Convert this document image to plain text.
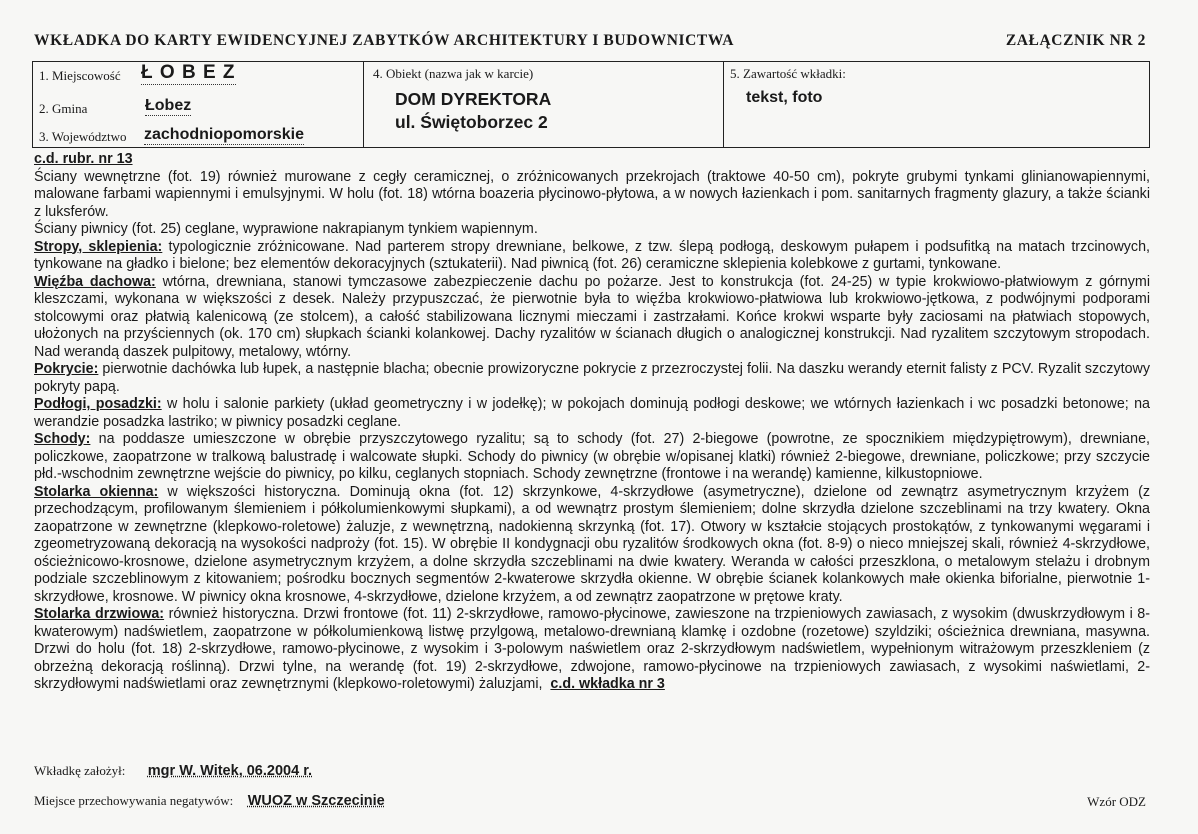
WKŁADKA DO KARTY EWIDENCYJNEJ ZABYTKÓW ARCHITEKTURY I BUDOWNICTWA	ZAŁĄCZNIK NR 2
1. Miejscowość Ł O B E Z
2. Gmina	Łobez
3. Województwo zachodniopomorskie
4. Obiekt (nazwa jak w karcie)
DOM DYREKTORA
ul. Świętoborzec 2
5. Zawartość wkładki:
tekst, foto

c.d. rubr. nr 13

Ściany wewnętrzne (fot. 19) również murowane z cegły ceramicznej, o zróżnicowanych przekrojach (traktowe 40-50 cm), pokryte grubymi tynkami glinianowapiennymi, malowane farbami wapiennymi i emulsyjnymi. W holu (fot. 18) wtórna boazeria płycinowo-płytowa, a w nowych łazienkach i pom. sanitarnych fragmenty glazury, a także ścianki z luksferów.

Ściany piwnicy (fot. 25) ceglane, wyprawione nakrapianym tynkiem wapiennym.

Stropy, sklepienia: typologicznie zróżnicowane. Nad parterem stropy drewniane, belkowe, z tzw. ślepą podłogą, deskowym pułapem i podsufitką na matach trzcinowych, tynkowane na gładko i bielone; bez elementów dekoracyjnych (sztukaterii). Nad piwnicą (fot. 26) ceramiczne sklepienia kolebkowe z gurtami, tynkowane.

Więźba dachowa: wtórna, drewniana, stanowi tymczasowe zabezpieczenie dachu po pożarze. Jest to konstrukcja (fot. 24-25) w typie krokwiowo-płatwiowym z górnymi kleszczami, wykonana w większości z desek. Należy przypuszczać, że pierwotnie była to więźba krokwiowo-płatwiowa lub krokwiowo-jętkowa, z podwójnymi podporami stolcowymi oraz płatwią kalenicową (ze stolcem), a całość stabilizowana licznymi mieczami i zastrzałami. Końce krokwi wsparte były zaciosami na płatwiach stopowych, ułożonych na przyściennych (ok. 170 cm) słupkach ścianki kolankowej. Dachy ryzalitów w ścianach długich o analogicznej konstrukcji. Nad ryzalitem szczytowym stropodach. Nad werandą daszek pulpitowy, metalowy, wtórny.

Pokrycie: pierwotnie dachówka lub łupek, a następnie blacha; obecnie prowizoryczne pokrycie z przezroczystej folii. Na daszku werandy eternit falisty z PCV. Ryzalit szczytowy pokryty papą.

Podłogi, posadzki: w holu i salonie parkiety (układ geometryczny i w jodełkę); w pokojach dominują podłogi deskowe; we wtórnych łazienkach i wc posadzki betonowe; na werandzie posadzka lastriko; w piwnicy posadzki ceglane.

Schody: na poddasze umieszczone w obrębie przyszczytowego ryzalitu; są to schody (fot. 27) 2-biegowe (powrotne, ze spocznikiem międzypiętrowym), drewniane, policzkowe, zaopatrzone w tralkową balustradę i walcowate słupki. Schody do piwnicy (w obrębie w/opisanej klatki) również 2-biegowe, drewniane, policzkowe; przy szczycie płd.-wschodnim zewnętrzne wejście do piwnicy, po kilku, ceglanych stopniach. Schody zewnętrzne (frontowe i na werandę) kamienne, kilkustopniowe.

Stolarka okienna: w większości historyczna. Dominują okna (fot. 12) skrzynkowe, 4-skrzydłowe (asymetryczne), dzielone od zewnątrz asymetrycznym krzyżem (z przechodzącym, profilowanym ślemieniem i półkolumienkowymi słupkami), a od wewnątrz prostym ślemieniem; dolne skrzydła dzielone szczeblinami na trzy kwatery. Okna zaopatrzone w zewnętrzne (klepkowo-roletowe) żaluzje, z wewnętrzną, nadokienną skrzynką (fot. 17). Otwory w kształcie stojących prostokątów, z tynkowanymi węgarami i zgeometryzowaną dekoracją na wysokości nadproży (fot. 15). W obrębie II kondygnacji obu ryzalitów środkowych okna (fot. 8-9) o nieco mniejszej skali, również 4-skrzydłowe, ościeżnicowo-krosnowe, dzielone asymetrycznym krzyżem, a dolne skrzydła szczeblinami na dwie kwatery. Weranda w całości przeszklona, o metalowym stelażu i drobnym podziale szczeblinowym z kitowaniem; pośrodku bocznych segmentów 2-kwaterowe skrzydła okienne. W obrębie ścianek kolankowych małe okienka biforialne, pierwotnie 1-skrzydłowe, krosnowe. W piwnicy okna krosnowe, 4-skrzydłowe, dzielone krzyżem, a od zewnątrz zaopatrzone w prętowe kraty.

Stolarka drzwiowa: również historyczna. Drzwi frontowe (fot. 11) 2-skrzydłowe, ramowo-płycinowe, zawieszone na trzpieniowych zawiasach, z wysokim (dwuskrzydłowym i 8-kwaterowym) nadświetlem, zaopatrzone w półkolumienkową listwę przylgową, metalowo-drewnianą klamkę i ozdobne (rozetowe) szyldziki; ościeżnica drewniana, masywna. Drzwi do holu (fot. 18) 2-skrzydłowe, ramowo-płycinowe, z wysokim i 3-polowym naświetlem oraz 2-skrzydłowym nadświetlem, wypełnionym witrażowym przeszkleniem (z obrzeżną dekoracją roślinną). Drzwi tylne, na werandę (fot. 19) 2-skrzydłowe, zdwojone, ramowo-płycinowe na trzpieniowych zawiasach, z wysokimi naświetlami, 2-skrzydłowymi nadświetlami oraz zewnętrznymi (klepkowo-roletowymi) żaluzjami, c.d. wkładka nr 3

Wkładkę założył: mgr W. Witek, 06.2004 r.
Miejsce przechowywania negatywów: WUOZ w Szczecinie	Wzór ODZ
